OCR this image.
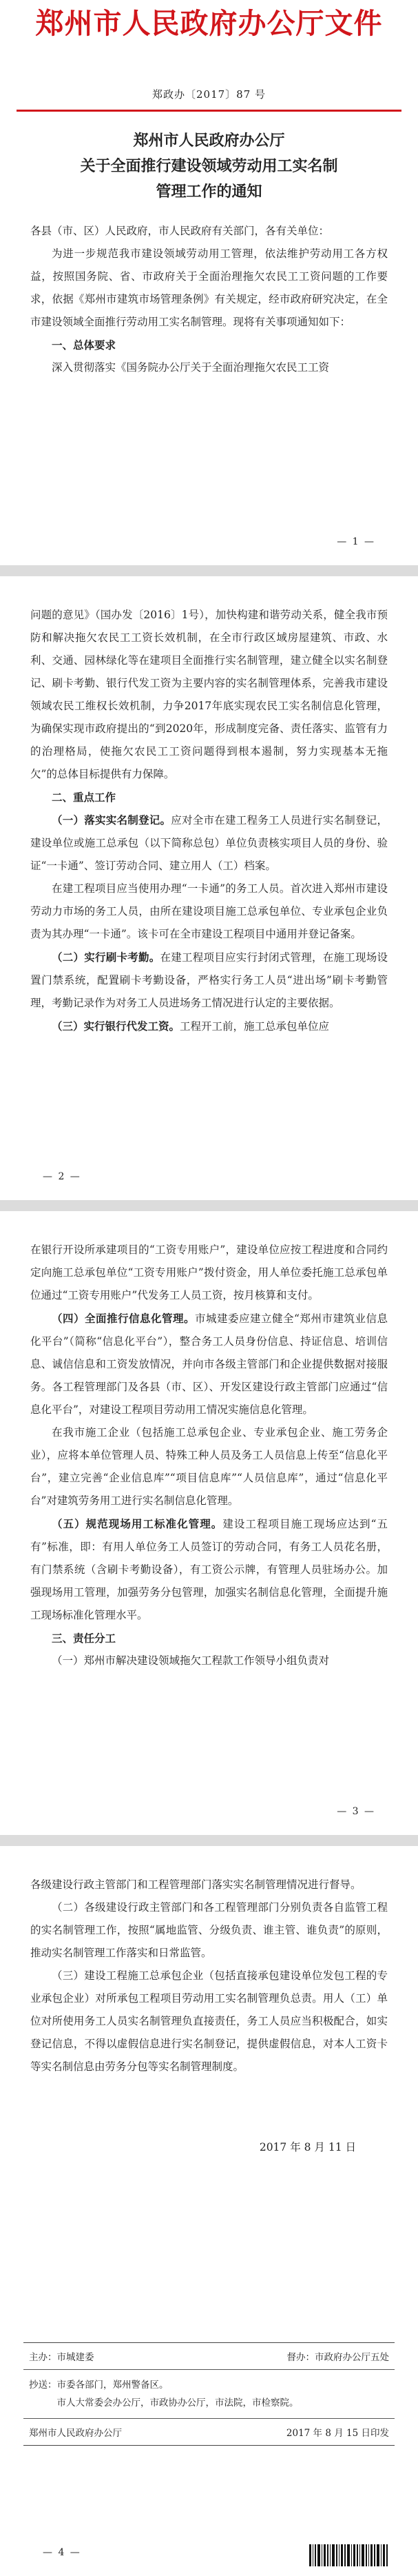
郑州市人民政府办公厅文件
郑政办〔2017〕87 号
郑州市人民政府办公厅
关于全面推行建设领域劳动用工实名制
管理工作的通知

各县（市、区）人民政府，市人民政府有关部门，各有关单位：

为进一步规范我市建设领域劳动用工管理，依法维护劳动用工各方权益，按照国务院、省、市政府关于全面治理拖欠农民工工资问题的工作要求，依据《郑州市建筑市场管理条例》有关规定，经市政府研究决定，在全市建设领域全面推行劳动用工实名制管理。现将有关事项通知如下：

一、总体要求

深入贯彻落实《国务院办公厅关于全面治理拖欠农民工工资

— 1 —

问题的意见》（国办发〔2016〕1号），加快构建和谐劳动关系，健全我市预防和解决拖欠农民工工资长效机制，在全市行政区域房屋建筑、市政、水利、交通、园林绿化等在建项目全面推行实名制管理，建立健全以实名制登记、刷卡考勤、银行代发工资为主要内容的实名制管理体系，完善我市建设领域农民工维权长效机制，力争2017年底实现农民工实名制信息化管理，为确保实现市政府提出的“到2020年，形成制度完备、责任落实、监管有力的治理格局，使拖欠农民工工资问题得到根本遏制，努力实现基本无拖欠”的总体目标提供有力保障。

二、重点工作

（一）落实实名制登记。应对全市在建工程务工人员进行实名制登记，建设单位或施工总承包（以下简称总包）单位负责核实项目人员的身份、验证“一卡通”、签订劳动合同、建立用人（工）档案。

在建工程项目应当使用办理“一卡通”的务工人员。首次进入郑州市建设劳动力市场的务工人员，由所在建设项目施工总承包单位、专业承包企业负责为其办理“一卡通”。该卡可在全市建设工程项目中通用并登记备案。

（二）实行刷卡考勤。在建工程项目应实行封闭式管理，在施工现场设置门禁系统，配置刷卡考勤设备，严格实行务工人员“进出场”刷卡考勤管理，考勤记录作为对务工人员进场务工情况进行认定的主要依据。

（三）实行银行代发工资。工程开工前，施工总承包单位应

— 2 —

在银行开设所承建项目的“工资专用账户”，建设单位应按工程进度和合同约定向施工总承包单位“工资专用账户”拨付资金，用人单位委托施工总承包单位通过“工资专用账户”代发务工人员工资，按月核算和支付。

（四）全面推行信息化管理。市城建委应建立健全“郑州市建筑业信息化平台”（简称“信息化平台”），整合务工人员身份信息、持证信息、培训信息、诚信信息和工资发放情况，并向市各级主管部门和企业提供数据对接服务。各工程管理部门及各县（市、区）、开发区建设行政主管部门应通过“信息化平台”，对建设工程项目劳动用工情况实施信息化管理。

在我市施工企业（包括施工总承包企业、专业承包企业、施工劳务企业），应将本单位管理人员、特殊工种人员及务工人员信息上传至“信息化平台”，建立完善“企业信息库”“项目信息库”“人员信息库”，通过“信息化平台”对建筑劳务用工进行实名制信息化管理。

（五）规范现场用工标准化管理。建设工程项目施工现场应达到“五有”标准，即：有用人单位务工人员签订的劳动合同，有务工人员花名册，有门禁系统（含刷卡考勤设备），有工资公示牌，有管理人员驻场办公。加强现场用工管理，加强劳务分包管理，加强实名制信息化管理，全面提升施工现场标准化管理水平。

三、责任分工

（一）郑州市解决建设领域拖欠工程款工作领导小组负责对

— 3 —

各级建设行政主管部门和工程管理部门落实实名制管理情况进行督导。

（二）各级建设行政主管部门和各工程管理部门分别负责各自监管工程的实名制管理工作，按照“属地监管、分级负责、谁主管、谁负责”的原则，推动实名制管理工作落实和日常监管。

（三）建设工程施工总承包企业（包括直接承包建设单位发包工程的专业承包企业）对所承包工程项目劳动用工实名制管理负总责。用人（工）单位对所使用务工人员实名制管理负直接责任，务工人员应当积极配合，如实登记信息，不得以虚假信息进行实名制登记，提供虚假信息，对本人工资卡等实名制信息由劳务分包等实名制管理制度。

2017 年 8 月 11 日
主办：市城建委	督办：市政府办公厅五处
抄送：市委各部门，郑州警备区。
市人大常委会办公厅，市政协办公厅，市法院，市检察院。
郑州市人民政府办公厅	2017 年 8 月 15 日印发
— 4 —
